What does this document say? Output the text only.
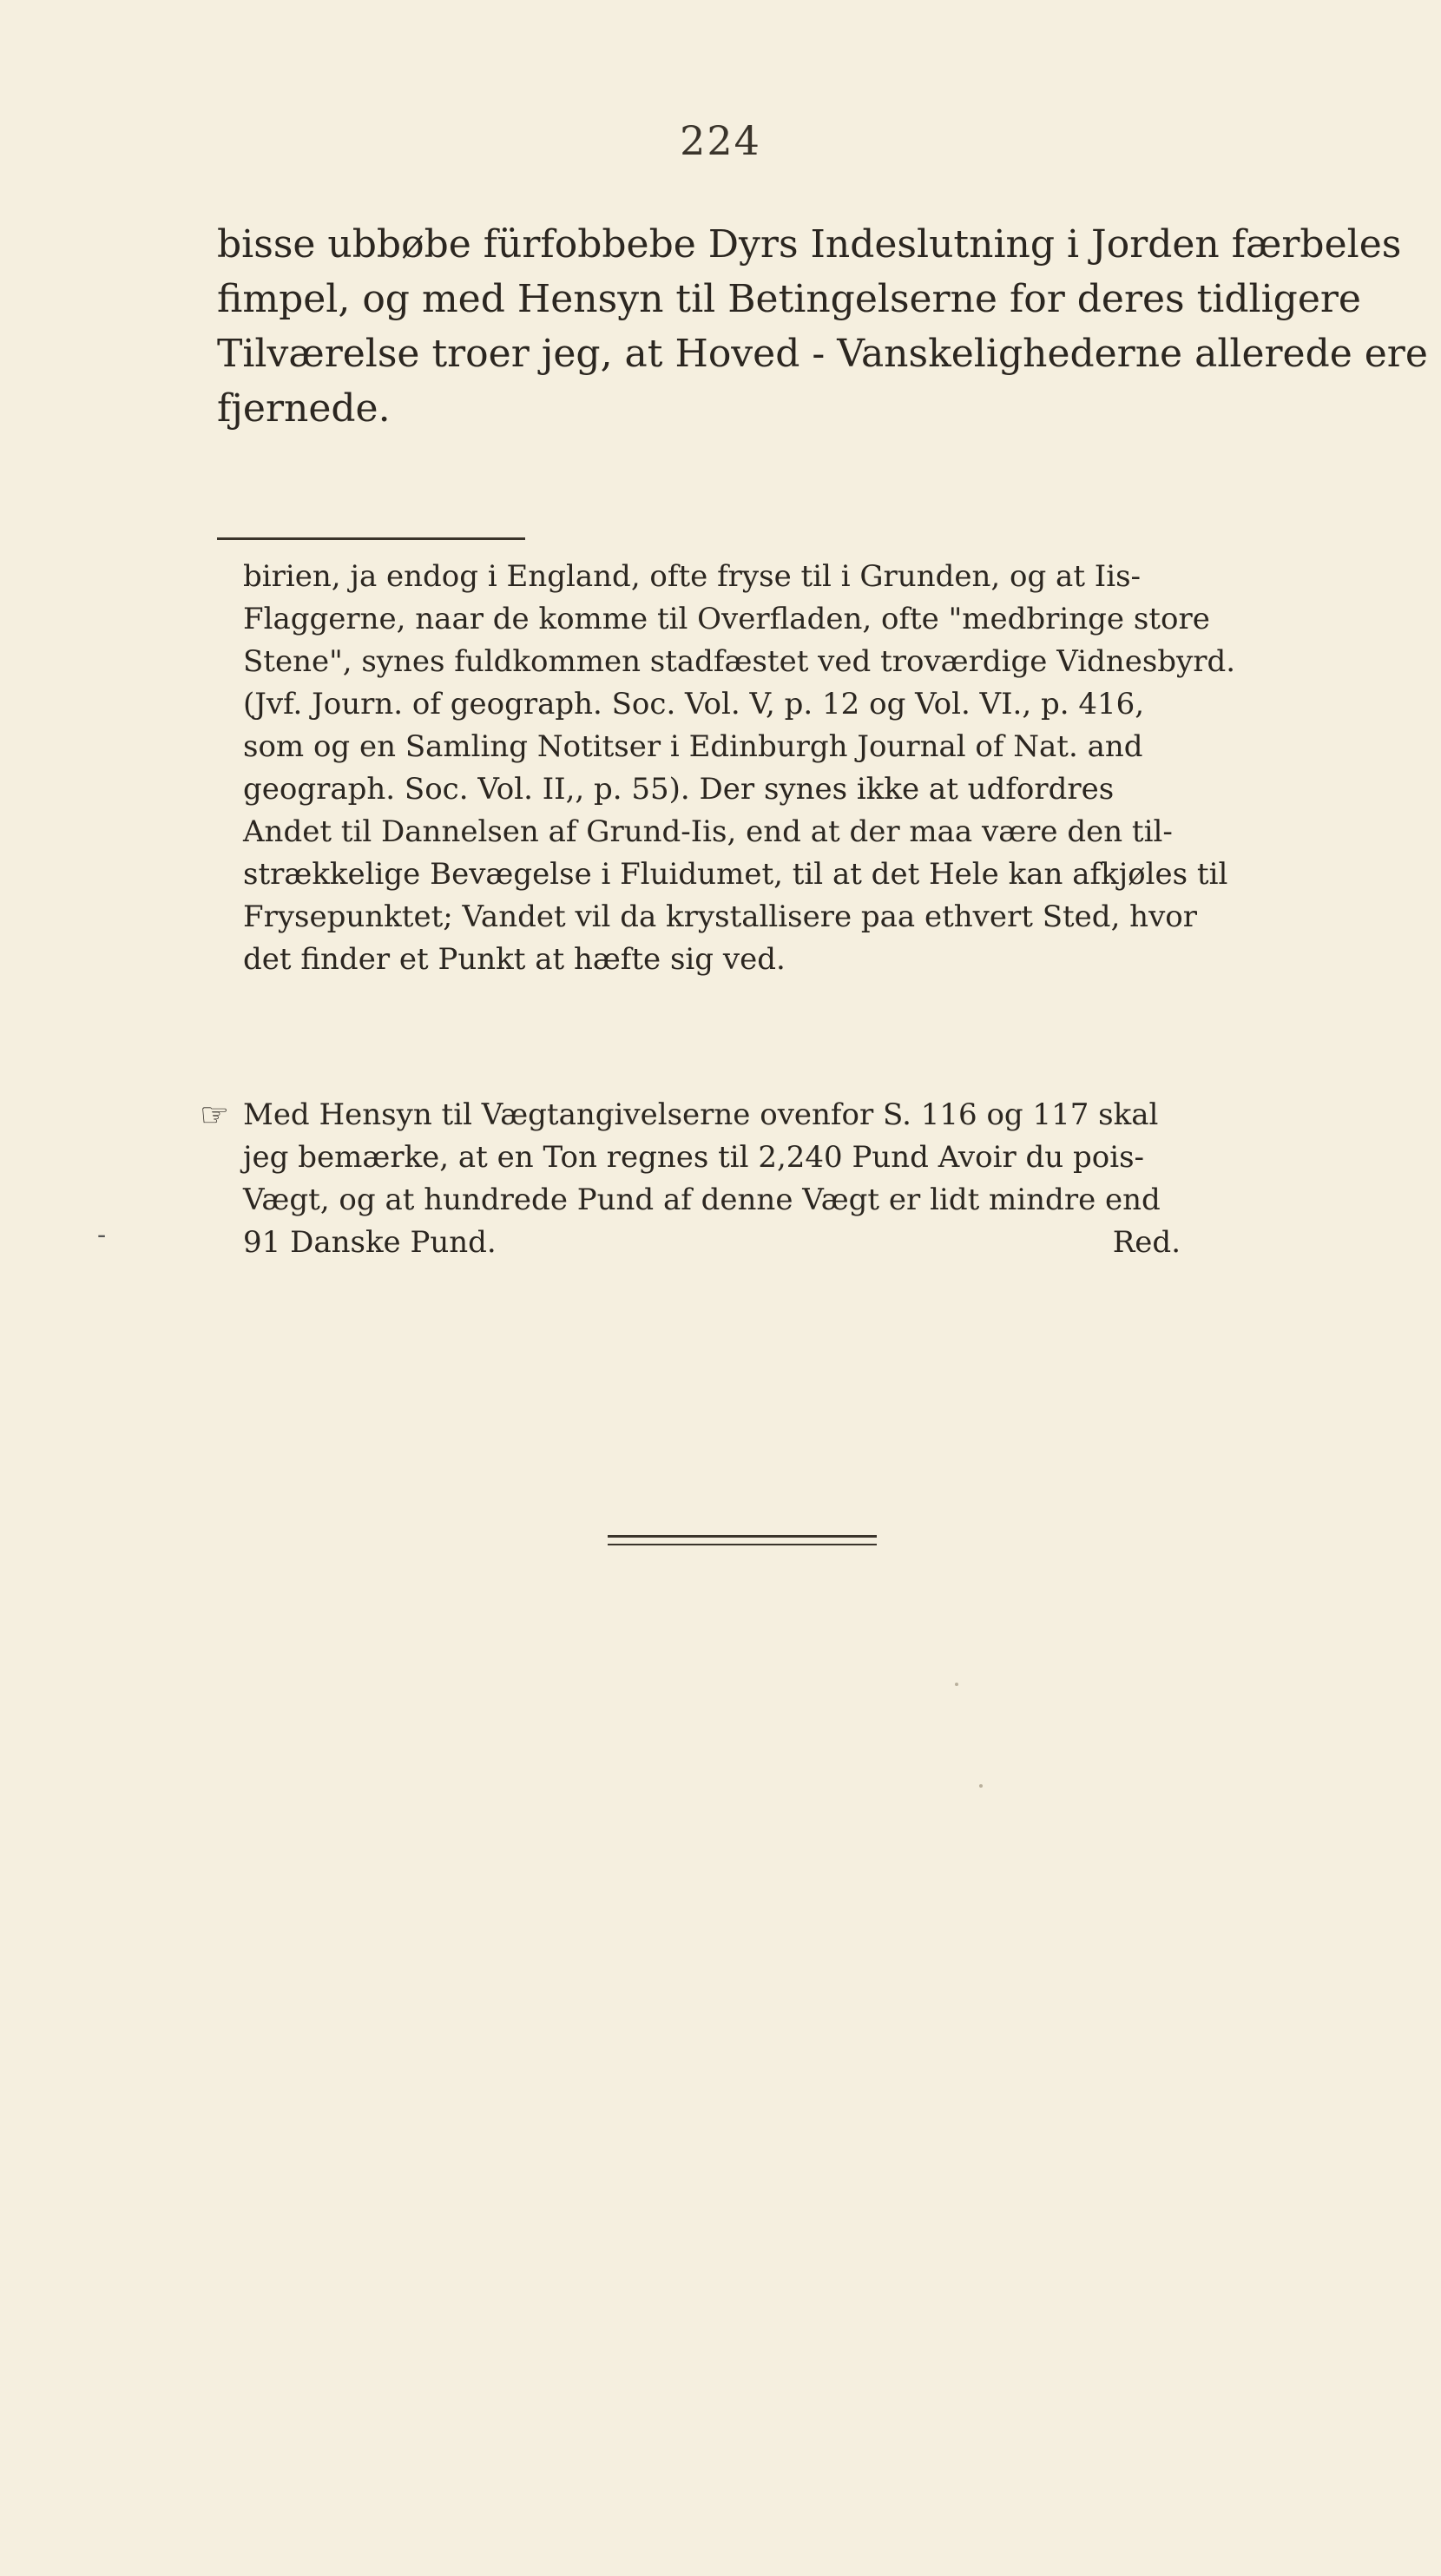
224
bisse ubbøbe fürfobbebe Dyrs Indeslutning i Jorden færbeles
fimpel, og med Hensyn til Betingelserne for deres tidligere
Tilværelse troer jeg, at Hoved - Vanskelighederne allerede ere
fjernede.
birien, ja endog i England, ofte fryse til i Grunden, og at Iis-
Flaggerne, naar de komme til Overfladen, ofte "medbringe store
Stene", synes fuldkommen stadfæstet ved troværdige Vidnesbyrd.
(Jvf. Journ. of geograph. Soc. Vol. V, p. 12 og Vol. VI., p. 416,
som og en Samling Notitser i Edinburgh Journal of Nat. and
geograph. Soc. Vol. II,, p. 55). Der synes ikke at udfordres
Andet til Dannelsen af Grund-Iis, end at der maa være den til-
strækkelige Bevægelse i Fluidumet, til at det Hele kan afkjøles til
Frysepunktet; Vandet vil da krystallisere paa ethvert Sted, hvor
det finder et Punkt at hæfte sig ved.
☞ Med Hensyn til Vægtangivelserne ovenfor S. 116 og 117 skal
jeg bemærke, at en Ton regnes til 2,240 Pund Avoir du pois-
Vægt, og at hundrede Pund af denne Vægt er lidt mindre end
91 Danske Pund.	Red.
-
